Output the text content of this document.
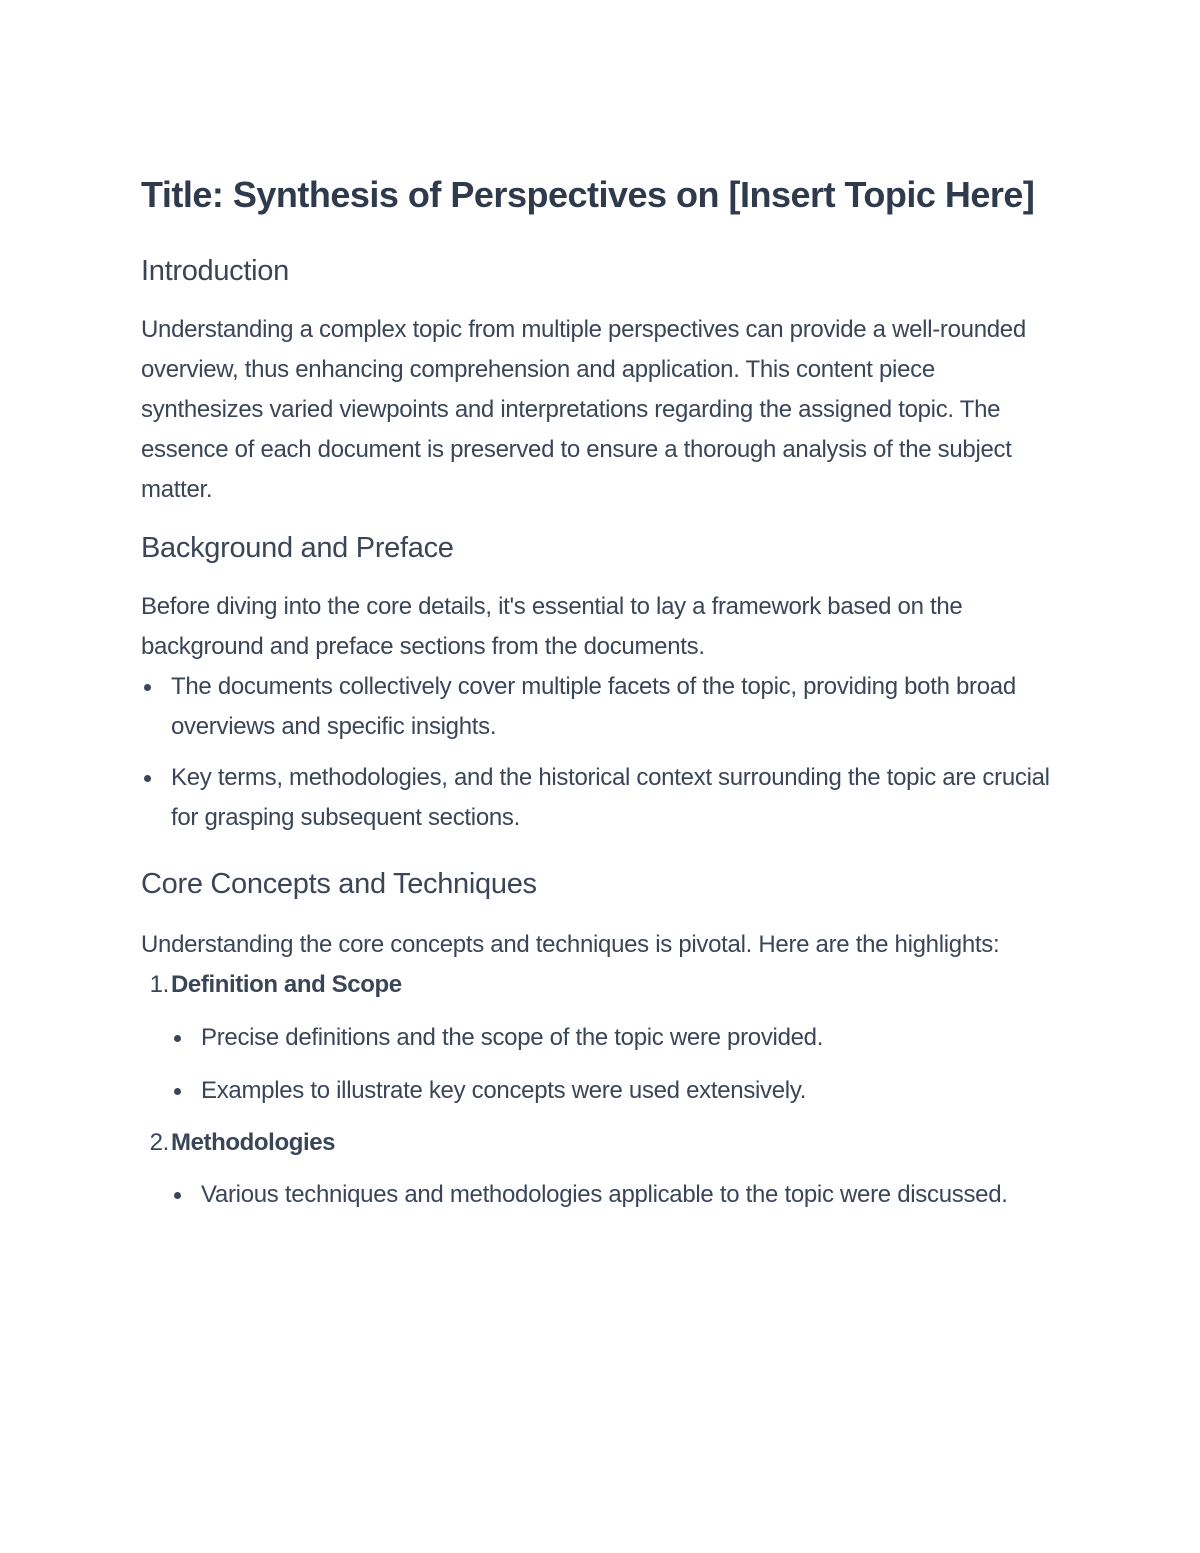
Title: Synthesis of Perspectives on [Insert Topic Here]
Introduction

Understanding a complex topic from multiple perspectives can provide a well-rounded overview, thus enhancing comprehension and application. This content piece synthesizes varied viewpoints and interpretations regarding the assigned topic. The essence of each document is preserved to ensure a thorough analysis of the subject matter.

Background and Preface

Before diving into the core details, it's essential to lay a framework based on the background and preface sections from the documents.

The documents collectively cover multiple facets of the topic, providing both broad overviews and specific insights.
Key terms, methodologies, and the historical context surrounding the topic are crucial for grasping subsequent sections.
Core Concepts and Techniques

Understanding the core concepts and techniques is pivotal. Here are the highlights:

1. Definition and Scope
Precise definitions and the scope of the topic were provided.
Examples to illustrate key concepts were used extensively.
2. Methodologies
Various techniques and methodologies applicable to the topic were discussed.
